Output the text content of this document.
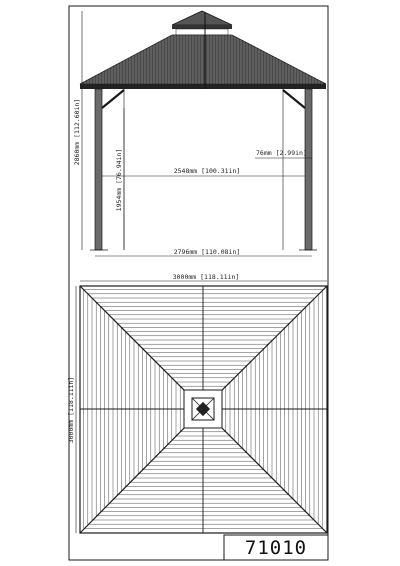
2860mm [112.60in]
1954mm [76.94in]	76mm [2.99in]
2548mm [100.31in]
2796mm [110.08in]
3000mm [118.11in]
3000mm [118.11in]
71010
